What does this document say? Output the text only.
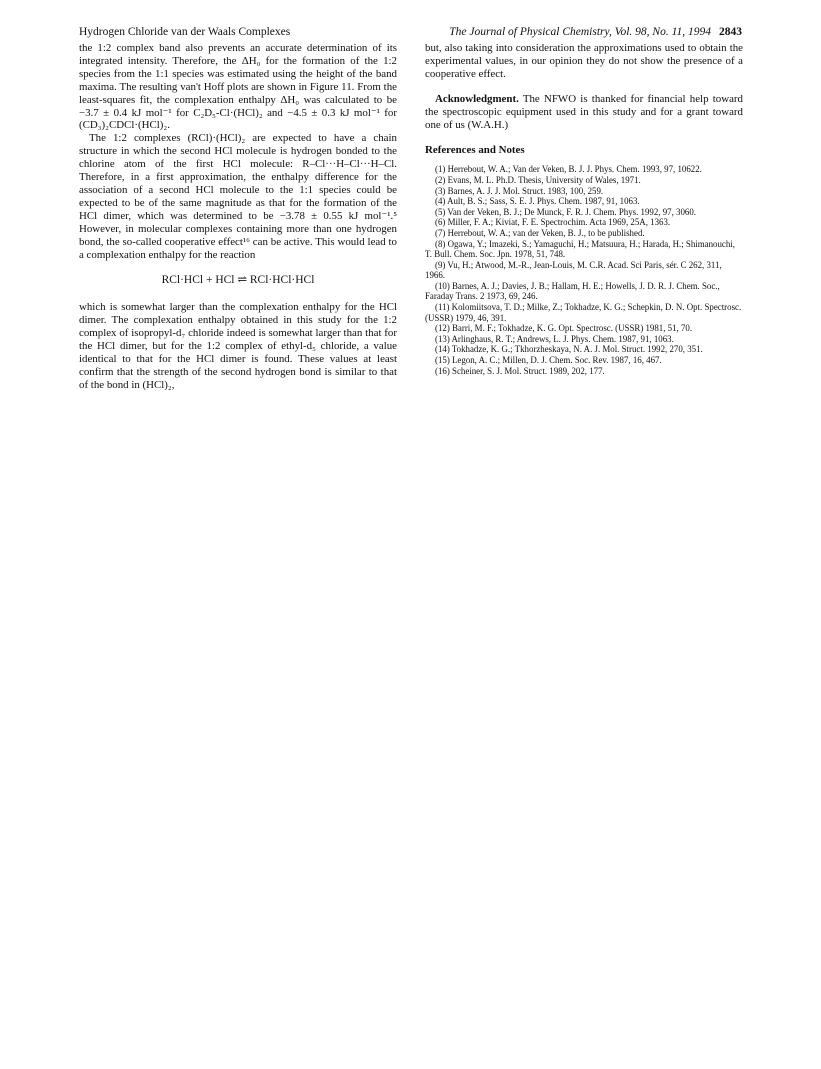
Hydrogen Chloride van der Waals Complexes	The Journal of Physical Chemistry, Vol. 98, No. 11, 1994 2843

the 1:2 complex band also prevents an accurate determination of its integrated intensity. Therefore, the ΔH₀ for the formation of the 1:2 species from the 1:1 species was estimated using the height of the band maxima. The resulting van't Hoff plots are shown in Figure 11. From the least-squares fit, the complexation enthalpy ΔH₀ was calculated to be −3.7 ± 0.4 kJ mol⁻¹ for C₂D₅-Cl·(HCl)₂ and −4.5 ± 0.3 kJ mol⁻¹ for (CD₃)₂CDCl·(HCl)₂.

The 1:2 complexes (RCl)·(HCl)₂ are expected to have a chain structure in which the second HCl molecule is hydrogen bonded to the chlorine atom of the first HCl molecule: R–Cl···H–Cl···H–Cl. Therefore, in a first approximation, the enthalpy difference for the association of a second HCl molecule to the 1:1 species could be expected to be of the same magnitude as that for the formation of the HCl dimer, which was determined to be −3.78 ± 0.55 kJ mol⁻¹.⁵ However, in molecular complexes containing more than one hydrogen bond, the so-called cooperative effect¹⁶ can be active. This would lead to a complexation enthalpy for the reaction

RCl·HCl + HCl ⇌ RCl·HCl·HCl

which is somewhat larger than the complexation enthalpy for the HCl dimer. The complexation enthalpy obtained in this study for the 1:2 complex of isopropyl-d₇ chloride indeed is somewhat larger than that for the HCl dimer, but for the 1:2 complex of ethyl-d₅ chloride, a value identical to that for the HCl dimer is found. These values at least confirm that the strength of the second hydrogen bond is similar to that of the bond in (HCl)₂,

but, also taking into consideration the approximations used to obtain the experimental values, in our opinion they do not show the presence of a cooperative effect.

Acknowledgment. The NFWO is thanked for financial help toward the spectroscopic equipment used in this study and for a grant toward one of us (W.A.H.)

References and Notes

(1) Herrebout, W. A.; Van der Veken, B. J. J. Phys. Chem. 1993, 97, 10622.

(2) Evans, M. L. Ph.D. Thesis, University of Wales, 1971.

(3) Barnes, A. J. J. Mol. Struct. 1983, 100, 259.

(4) Ault, B. S.; Sass, S. E. J. Phys. Chem. 1987, 91, 1063.

(5) Van der Veken, B. J.; De Munck, F. R. J. Chem. Phys. 1992, 97, 3060.

(6) Miller, F. A.; Kiviat, F. E. Spectrochim. Acta 1969, 25A, 1363.

(7) Herrebout, W. A.; van der Veken, B. J., to be published.

(8) Ogawa, Y.; Imazeki, S.; Yamaguchi, H.; Matsuura, H.; Harada, H.; Shimanouchi, T. Bull. Chem. Soc. Jpn. 1978, 51, 748.

(9) Vu, H.; Atwood, M.-R., Jean-Louis, M. C.R. Acad. Sci Paris, sér. C 262, 311, 1966.

(10) Barnes, A. J.; Davies, J. B.; Hallam, H. E.; Howells, J. D. R. J. Chem. Soc., Faraday Trans. 2 1973, 69, 246.

(11) Kolomiitsova, T. D.; Milke, Z.; Tokhadze, K. G.; Schepkin, D. N. Opt. Spectrosc. (USSR) 1979, 46, 391.

(12) Barri, M. F.; Tokhadze, K. G. Opt. Spectrosc. (USSR) 1981, 51, 70.

(13) Arlinghaus, R. T.; Andrews, L. J. Phys. Chem. 1987, 91, 1063.

(14) Tokhadze, K. G.; Tkhorzheskaya, N. A. J. Mol. Struct. 1992, 270, 351.

(15) Legon, A. C.; Millen, D. J. Chem. Soc. Rev. 1987, 16, 467.

(16) Scheiner, S. J. Mol. Struct. 1989, 202, 177.
